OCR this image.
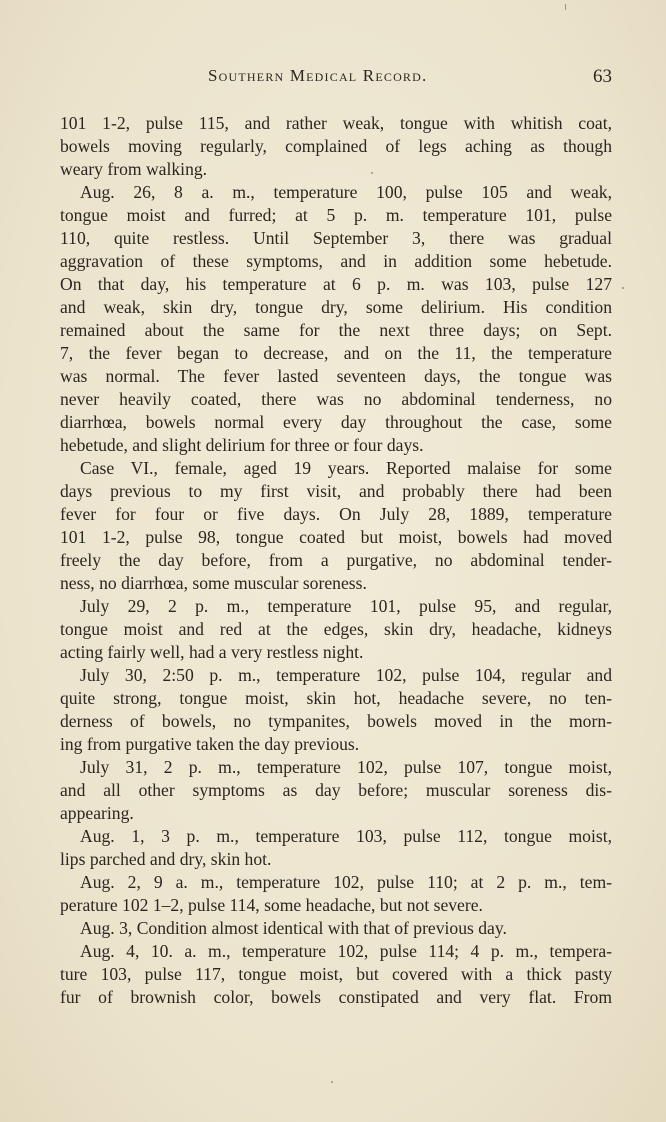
Southern Medical Record.	63
101 1-2, pulse 115, and rather weak, tongue with whitish coat,
bowels moving regularly, complained of legs aching as though
weary from walking.
Aug. 26, 8 a. m., temperature 100, pulse 105 and weak,
tongue moist and furred; at 5 p. m. temperature 101, pulse
110, quite restless. Until September 3, there was gradual
aggravation of these symptoms, and in addition some hebetude.
On that day, his temperature at 6 p. m. was 103, pulse 127
and weak, skin dry, tongue dry, some delirium. His condition
remained about the same for the next three days; on Sept.
7, the fever began to decrease, and on the 11, the temperature
was normal. The fever lasted seventeen days, the tongue was
never heavily coated, there was no abdominal tenderness, no
diarrhœa, bowels normal every day throughout the case, some
hebetude, and slight delirium for three or four days.
Case VI., female, aged 19 years. Reported malaise for some
days previous to my first visit, and probably there had been
fever for four or five days. On July 28, 1889, temperature
101 1-2, pulse 98, tongue coated but moist, bowels had moved
freely the day before, from a purgative, no abdominal tender-
ness, no diarrhœa, some muscular soreness.
July 29, 2 p. m., temperature 101, pulse 95, and regular,
tongue moist and red at the edges, skin dry, headache, kidneys
acting fairly well, had a very restless night.
July 30, 2:50 p. m., temperature 102, pulse 104, regular and
quite strong, tongue moist, skin hot, headache severe, no ten-
derness of bowels, no tympanites, bowels moved in the morn-
ing from purgative taken the day previous.
July 31, 2 p. m., temperature 102, pulse 107, tongue moist,
and all other symptoms as day before; muscular soreness dis-
appearing.
Aug. 1, 3 p. m., temperature 103, pulse 112, tongue moist,
lips parched and dry, skin hot.
Aug. 2, 9 a. m., temperature 102, pulse 110; at 2 p. m., tem-
perature 102 1–2, pulse 114, some headache, but not severe.
Aug. 3, Condition almost identical with that of previous day.
Aug. 4, 10. a. m., temperature 102, pulse 114; 4 p. m., tempera-
ture 103, pulse 117, tongue moist, but covered with a thick pasty
fur of brownish color, bowels constipated and very flat. From
